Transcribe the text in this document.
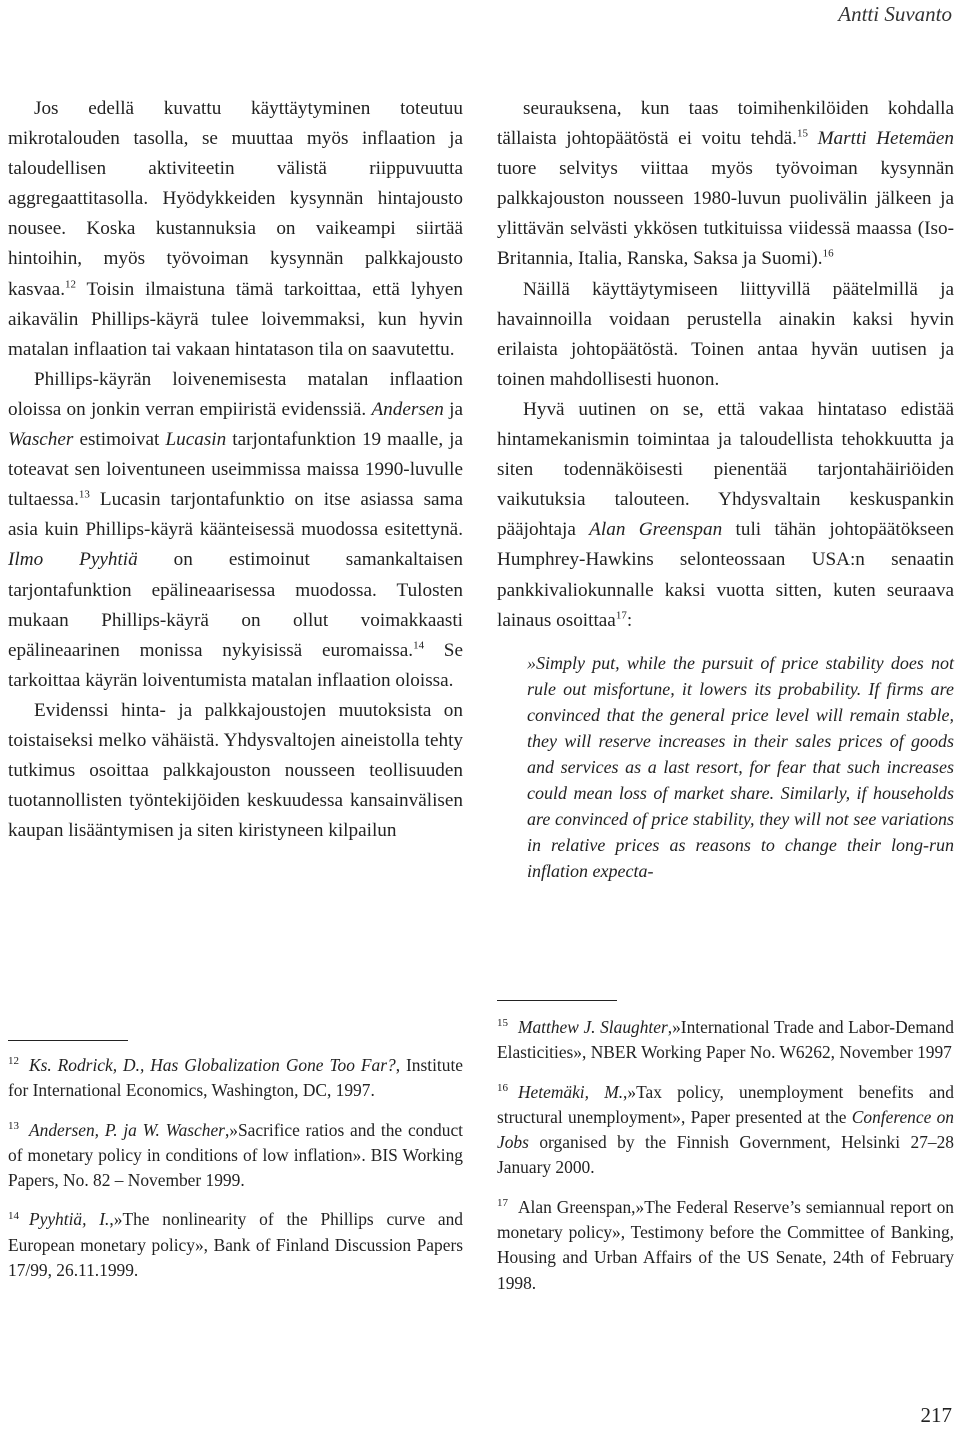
Antti Suvanto

Jos edellä kuvattu käyttäytyminen toteutuu mikrotalouden tasolla, se muuttaa myös inflaation ja taloudellisen aktiviteetin välistä riippuvuutta aggregaattitasolla. Hyödykkeiden kysynnän hintajousto nousee. Koska kustannuksia on vaikeampi siirtää hintoihin, myös työvoiman kysynnän palkkajousto kasvaa.$^{12}$ Toisin ilmaistuna tämä tarkoittaa, että lyhyen aikavälin Phillips-käyrä tulee loivemmaksi, kun hyvin matalan inflaation tai vakaan hintatason tila on saavutettu.

Phillips-käyrän loivenemisesta matalan inflaation oloissa on jonkin verran empiiristä evidenssiä. Andersen ja Wascher estimoivat Lucasin tarjontafunktion 19 maalle, ja toteavat sen loiventuneen useimmissa maissa 1990-luvulle tultaessa.$^{13}$ Lucasin tarjontafunktio on itse asiassa sama asia kuin Phillips-käyrä käänteisessä muodossa esitettynä. Ilmo Pyyhtiä on estimoinut samankaltaisen tarjontafunktion epälineaarisessa muodossa. Tulosten mukaan Phillips-käyrä on ollut voimakkaasti epälineaarinen monissa nykyisissä euromaissa.$^{14}$ Se tarkoittaa käyrän loiventumista matalan inflaation oloissa.

Evidenssi hinta- ja palkkajoustojen muutoksista on toistaiseksi melko vähäistä. Yhdysvaltojen aineistolla tehty tutkimus osoittaa palkkajouston nousseen teollisuuden tuotannollisten työntekijöiden keskuudessa kansainvälisen kaupan lisääntymisen ja siten kiristyneen kilpailun

seurauksena, kun taas toimihenkilöiden kohdalla tällaista johtopäätöstä ei voitu tehdä.$^{15}$ Martti Hetemäen tuore selvitys viittaa myös työvoiman kysynnän palkkajouston nousseen 1980-luvun puolivälin jälkeen ja ylittävän selvästi ykkösen tutkituissa viidessä maassa (Iso-Britannia, Italia, Ranska, Saksa ja Suomi).$^{16}$

Näillä käyttäytymiseen liittyvillä päätelmillä ja havainnoilla voidaan perustella ainakin kaksi hyvin erilaista johtopäätöstä. Toinen antaa hyvän uutisen ja toinen mahdollisesti huonon.

Hyvä uutinen on se, että vakaa hintataso edistää hintamekanismin toimintaa ja taloudellista tehokkuutta ja siten todennäköisesti pienentää tarjontahäiriöiden vaikutuksia talouteen. Yhdysvaltain keskuspankin pääjohtaja Alan Greenspan tuli tähän johtopäätökseen Humphrey-Hawkins selonteossaan USA:n senaatin pankkivaliokunnalle kaksi vuotta sitten, kuten seuraava lainaus osoittaa$^{17}$:

»Simply put, while the pursuit of price stability does not rule out misfortune, it lowers its probability. If firms are convinced that the general price level will remain stable, they will reserve increases in their sales prices of goods and services as a last resort, for fear that such increases could mean loss of market share. Similarly, if households are convinced of price stability, they will not see variations in relative prices as reasons to change their long-run inflation expecta-

$^{12}$ Ks. Rodrick, D., Has Globalization Gone Too Far?, Institute for International Economics, Washington, DC, 1997.

$^{13}$ Andersen, P. ja W. Wascher,»Sacrifice ratios and the conduct of monetary policy in conditions of low inflation». BIS Working Papers, No. 82 – November 1999.

$^{14}$ Pyyhtiä, I.,»The nonlinearity of the Phillips curve and European monetary policy», Bank of Finland Discussion Papers 17/99, 26.11.1999.

$^{15}$ Matthew J. Slaughter,»International Trade and Labor-Demand Elasticities», NBER Working Paper No. W6262, November 1997

$^{16}$ Hetemäki, M.,»Tax policy, unemployment benefits and structural unemployment», Paper presented at the Conference on Jobs organised by the Finnish Government, Helsinki 27–28 January 2000.

$^{17}$ Alan Greenspan,»The Federal Reserve’s semiannual report on monetary policy», Testimony before the Committee of Banking, Housing and Urban Affairs of the US Senate, 24th of February 1998.

217
